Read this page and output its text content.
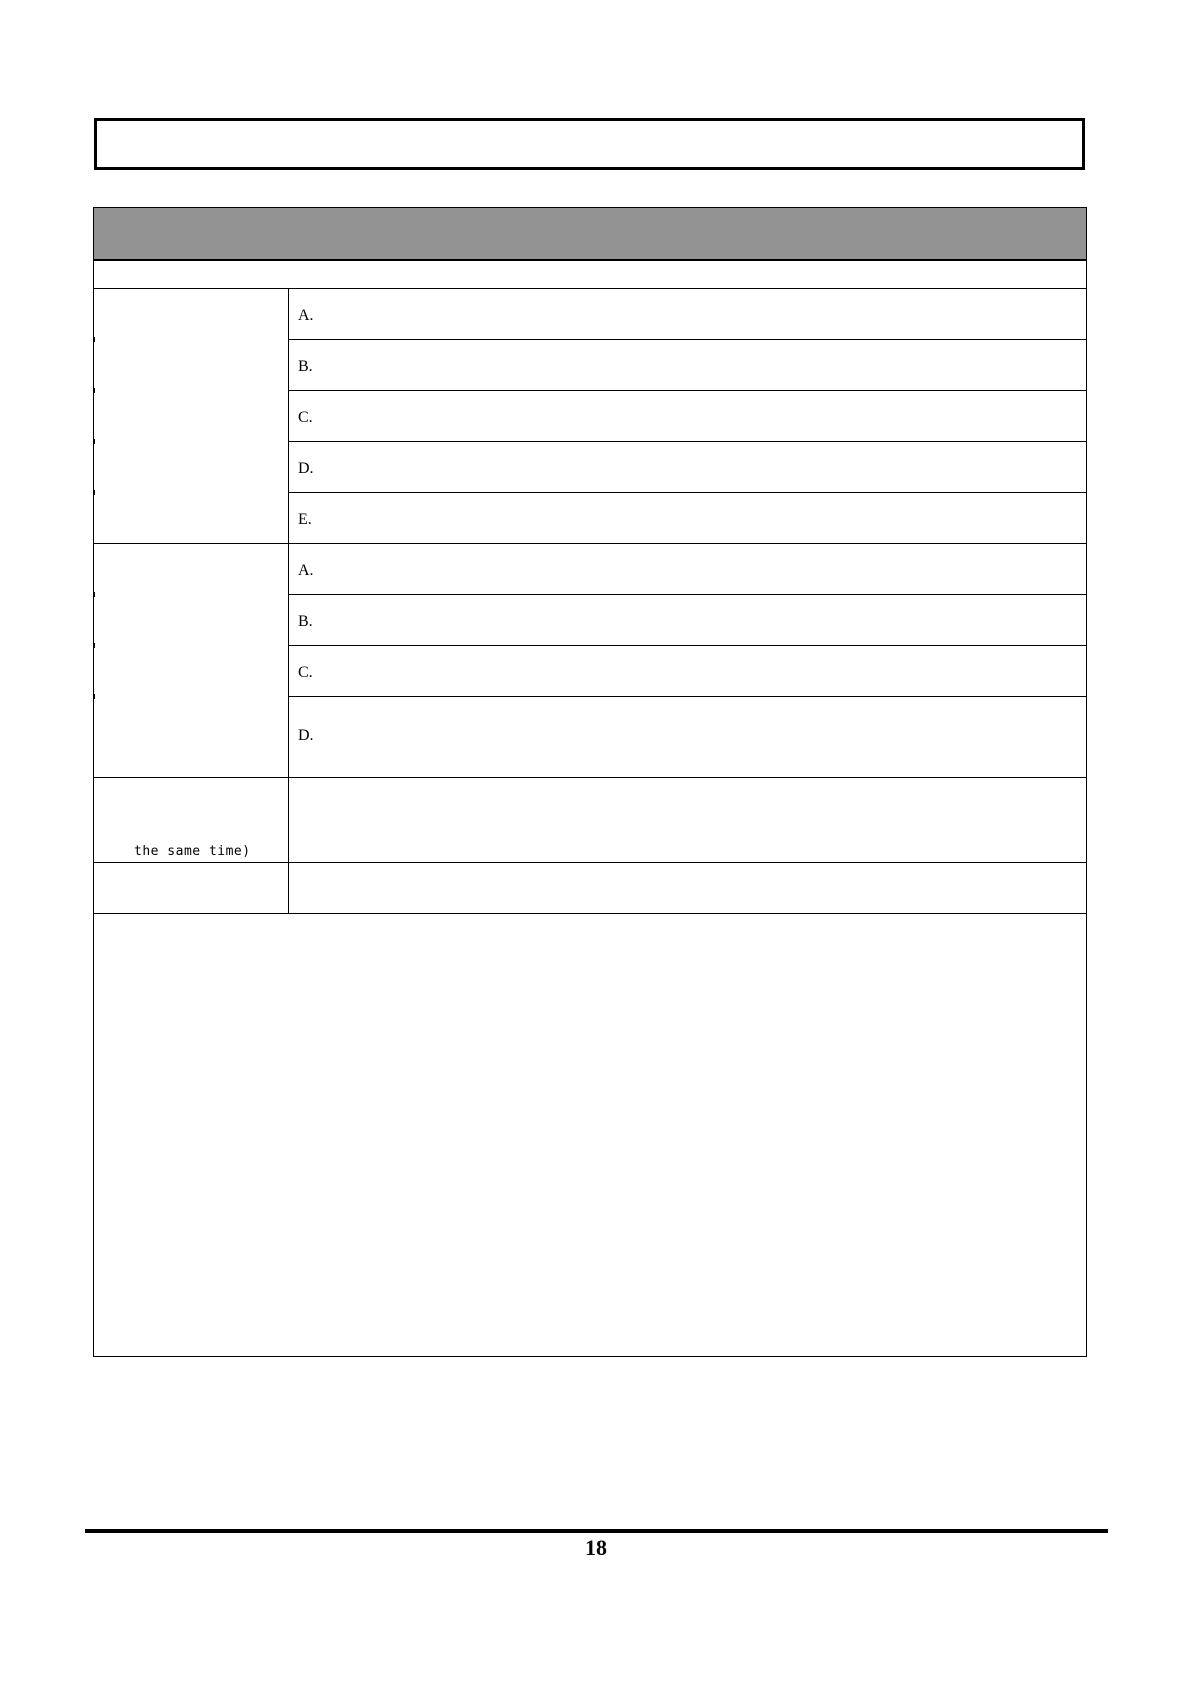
A.
B.
C.
D.
E.
A.
B.
C.
D.
the same time)
18
